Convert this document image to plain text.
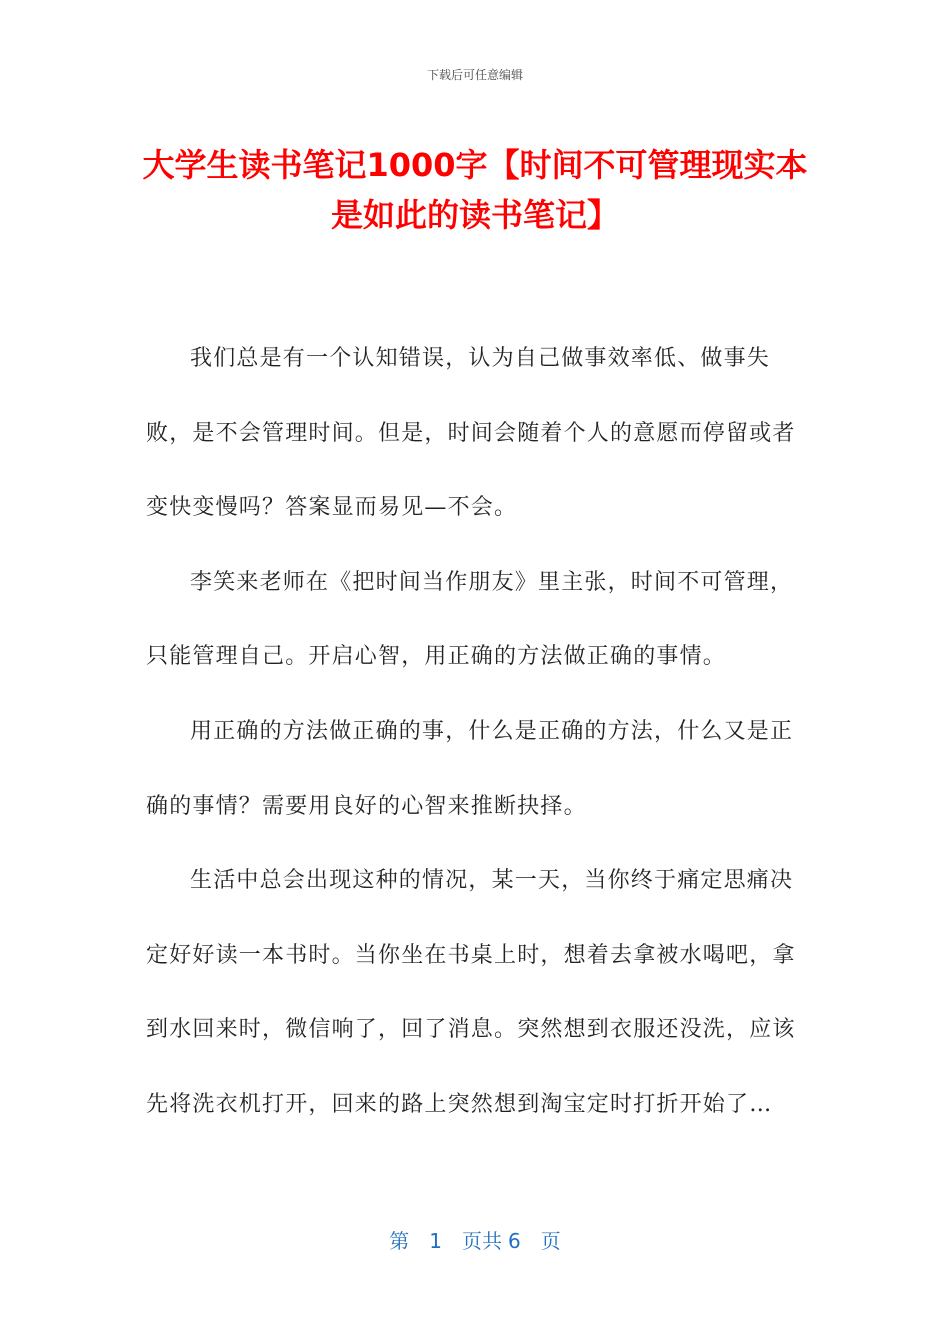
下载后可任意编辑
大学生读书笔记1000字【时间不可管理现实本是如此的读书笔记】

我们总是有一个认知错误，认为自己做事效率低、做事失败，是不会管理时间。但是，时间会随着个人的意愿而停留或者变快变慢吗？答案显而易见—不会。

李笑来老师在《把时间当作朋友》里主张，时间不可管理，只能管理自己。开启心智，用正确的方法做正确的事情。

用正确的方法做正确的事，什么是正确的方法，什么又是正确的事情？需要用良好的心智来推断抉择。

生活中总会出现这种的情况，某一天，当你终于痛定思痛决定好好读一本书时。当你坐在书桌上时，想着去拿被水喝吧，拿到水回来时，微信响了，回了消息。突然想到衣服还没洗，应该先将洗衣机打开，回来的路上突然想到淘宝定时打折开始了…

第 1 页共 6 页
